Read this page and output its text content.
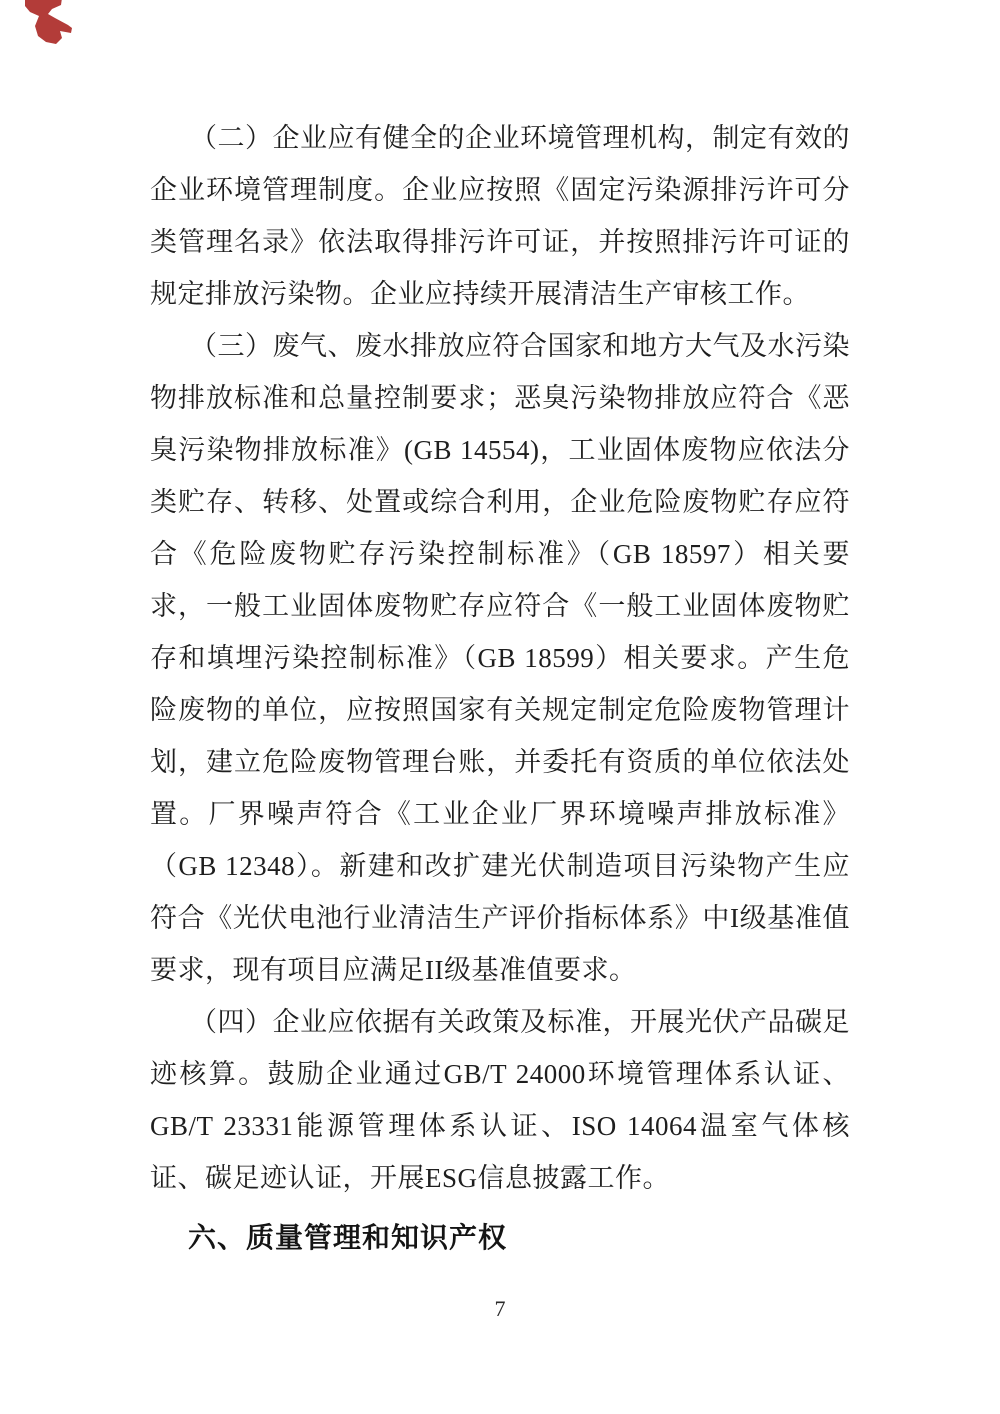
（二）企业应有健全的企业环境管理机构，制定有效的企业环境管理制度。企业应按照《固定污染源排污许可分类管理名录》依法取得排污许可证，并按照排污许可证的规定排放污染物。企业应持续开展清洁生产审核工作。

（三）废气、废水排放应符合国家和地方大气及水污染物排放标准和总量控制要求；恶臭污染物排放应符合《恶臭污染物排放标准》(GB 14554)，工业固体废物应依法分类贮存、转移、处置或综合利用，企业危险废物贮存应符合《危险废物贮存污染控制标准》（GB 18597）相关要求，一般工业固体废物贮存应符合《一般工业固体废物贮存和填埋污染控制标准》（GB 18599）相关要求。产生危险废物的单位，应按照国家有关规定制定危险废物管理计划，建立危险废物管理台账，并委托有资质的单位依法处置。厂界噪声符合《工业企业厂界环境噪声排放标准》（GB 12348）。新建和改扩建光伏制造项目污染物产生应符合《光伏电池行业清洁生产评价指标体系》中I级基准值要求，现有项目应满足II级基准值要求。

（四）企业应依据有关政策及标准，开展光伏产品碳足迹核算。鼓励企业通过GB/T 24000环境管理体系认证、GB/T 23331能源管理体系认证、ISO 14064温室气体核证、碳足迹认证，开展ESG信息披露工作。

六、质量管理和知识产权
7
